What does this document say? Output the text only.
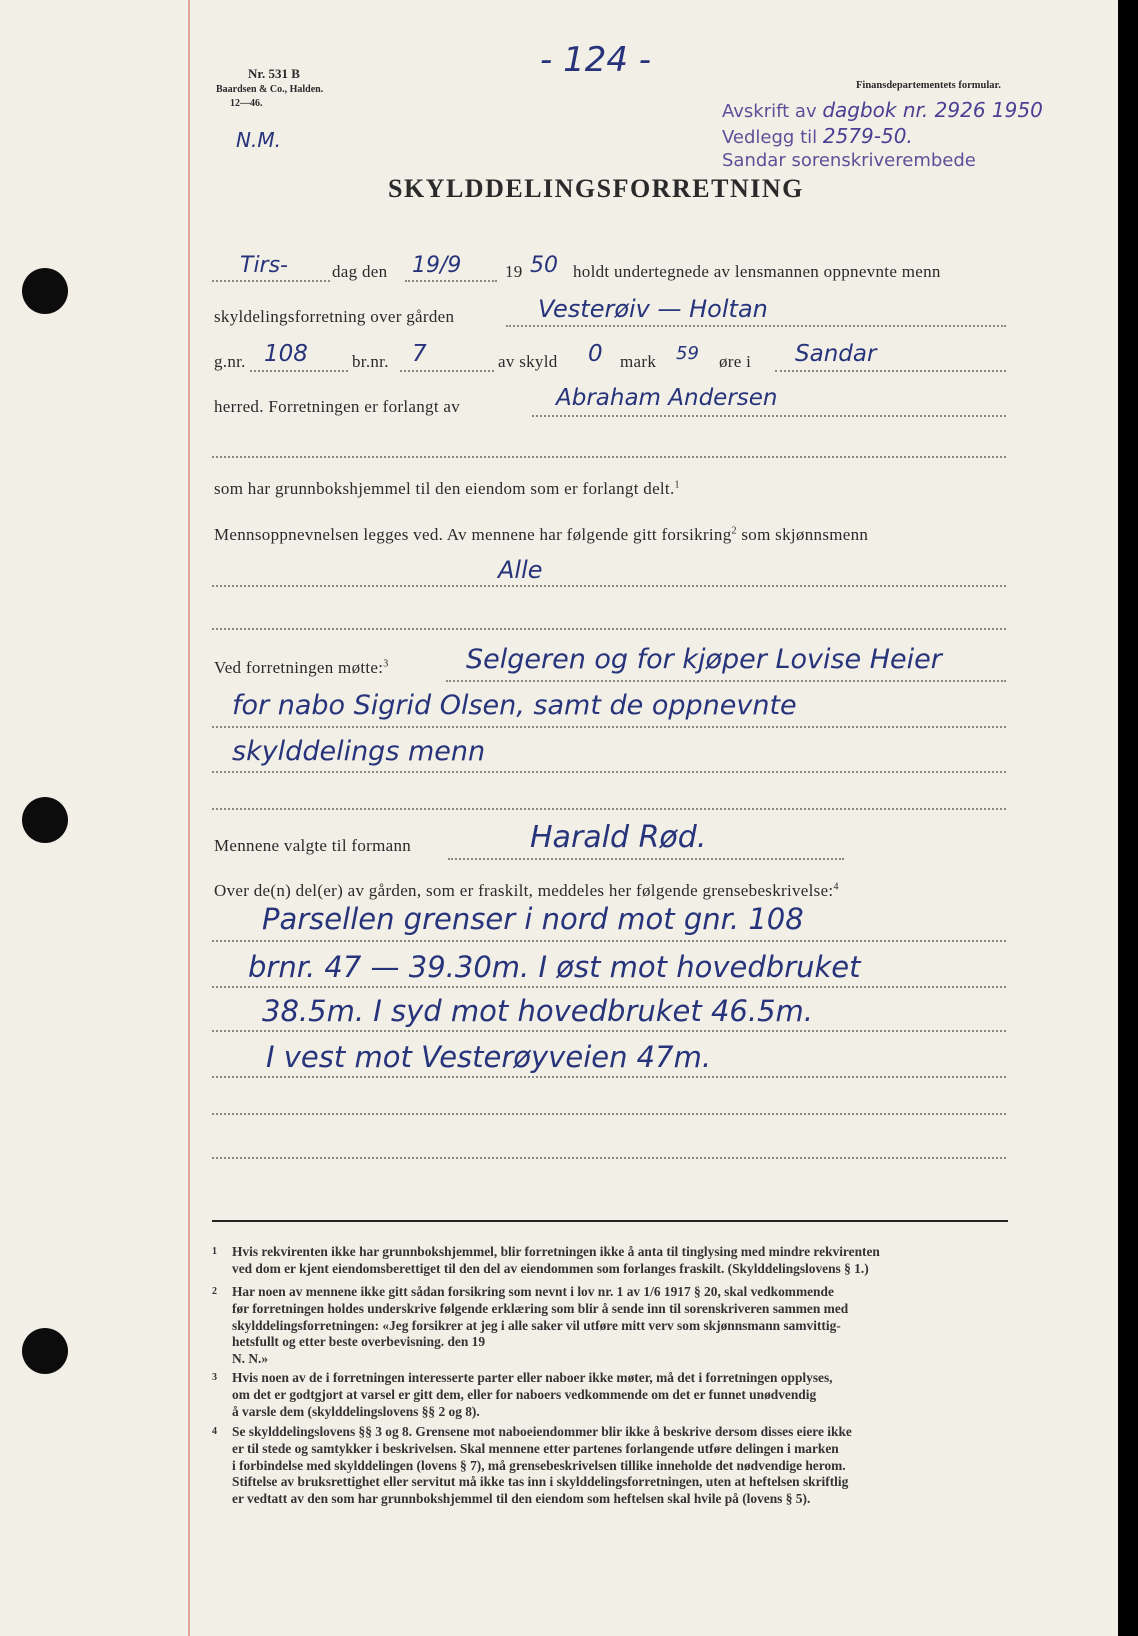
- 124 -
Nr. 531 B
Baardsen & Co., Halden.
12—46.
N.M.
Finansdepartementets formular.
Avskrift av dagbok nr. 2926 1950
Vedlegg til 2579-50.
Sandar sorenskriverembede
SKYLDDELINGSFORRETNING
Tirs-	dag den 19/9	19 50 holdt undertegnede av lensmannen oppnevnte menn
skyldelingsforretning over gården	Vesterøiv — Holtan
g.nr. 108	br.nr. 7	av skyld 0 mark 59 øre i Sandar
herred. Forretningen er forlangt av	Abraham Andersen
som har grunnbokshjemmel til den eiendom som er forlangt delt.$^1$
Mennsoppnevnelsen legges ved. Av mennene har følgende gitt forsikring$^2$ som skjønnsmenn
Alle
Ved forretningen møtte:$^3$	Selgeren og for kjøper Lovise Heier
for nabo Sigrid Olsen, samt de oppnevnte
skylddelings menn
Mennene valgte til formann	Harald Rød.
Over de(n) del(er) av gården, som er fraskilt, meddeles her følgende grensebeskrivelse:$^4$
Parsellen grenser i nord mot gnr. 108
brnr. 47 — 39.30m. I øst mot hovedbruket
38.5m. I syd mot hovedbruket 46.5m.
I vest mot Vesterøyveien 47m.
1 Hvis rekvirenten ikke har grunnbokshjemmel, blir forretningen ikke å anta til tinglysing med mindre rekvirenten
ved dom er kjent eiendomsberettiget til den del av eiendommen som forlanges fraskilt. (Skylddelingslovens § 1.)
2 Har noen av mennene ikke gitt sådan forsikring som nevnt i lov nr. 1 av 1/6 1917 § 20, skal vedkommende
før forretningen holdes underskrive følgende erklæring som blir å sende inn til sorenskriveren sammen med
skylddelingsforretningen: «Jeg forsikrer at jeg i alle saker vil utføre mitt verv som skjønnsmann samvittig-
hetsfullt og etter beste overbevisning. den 19
N. N.»
3 Hvis noen av de i forretningen interesserte parter eller naboer ikke møter, må det i forretningen opplyses,
om det er godtgjort at varsel er gitt dem, eller for naboers vedkommende om det er funnet unødvendig
å varsle dem (skylddelingslovens §§ 2 og 8).
4 Se skylddelingslovens §§ 3 og 8. Grensene mot naboeiendommer blir ikke å beskrive dersom disses eiere ikke
er til stede og samtykker i beskrivelsen. Skal mennene etter partenes forlangende utføre delingen i marken
i forbindelse med skylddelingen (lovens § 7), må grensebeskrivelsen tillike inneholde det nødvendige herom.
Stiftelse av bruksrettighet eller servitut må ikke tas inn i skylddelingsforretningen, uten at heftelsen skriftlig
er vedtatt av den som har grunnbokshjemmel til den eiendom som heftelsen skal hvile på (lovens § 5).
